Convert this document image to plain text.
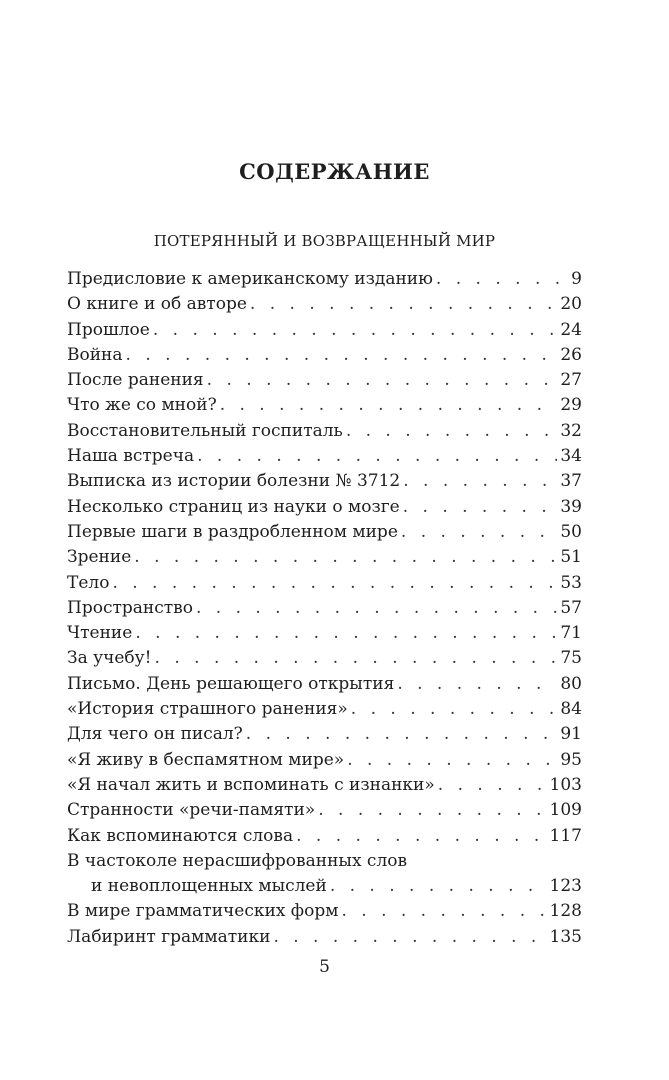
СОДЕРЖАНИЕ
ПОТЕРЯННЫЙ И ВОЗВРАЩЕННЫЙ МИР
Предисловие к американскому изданию . . .	9
О книге и об авторе . . .	20
Прошлое . . .	24
Война . . .	26
После ранения . . .	27
Что же со мной? . . .	29
Восстановительный госпиталь . . .	32
Наша встреча . . .	34
Выписка из истории болезни № 3712 . . .	37
Несколько страниц из науки о мозге . . .	39
Первые шаги в раздробленном мире . . .	50
Зрение . . .	51
Тело . . .	53
Пространство . . .	57
Чтение . . .	71
За учебу! . . .	75
Письмо. День решающего открытия . . .	80
«История страшного ранения» . . .	84
Для чего он писал? . . .	91
«Я живу в беспамятном мире» . . .	95
«Я начал жить и вспоминать с изнанки» . . .	103
Странности «речи-памяти» . . .	109
Как вспоминаются слова . . .	117
В частоколе нерасшифрованных слов
и невоплощенных мыслей . . .	123
В мире грамматических форм . . .	128
Лабиринт грамматики . . .	135
5
